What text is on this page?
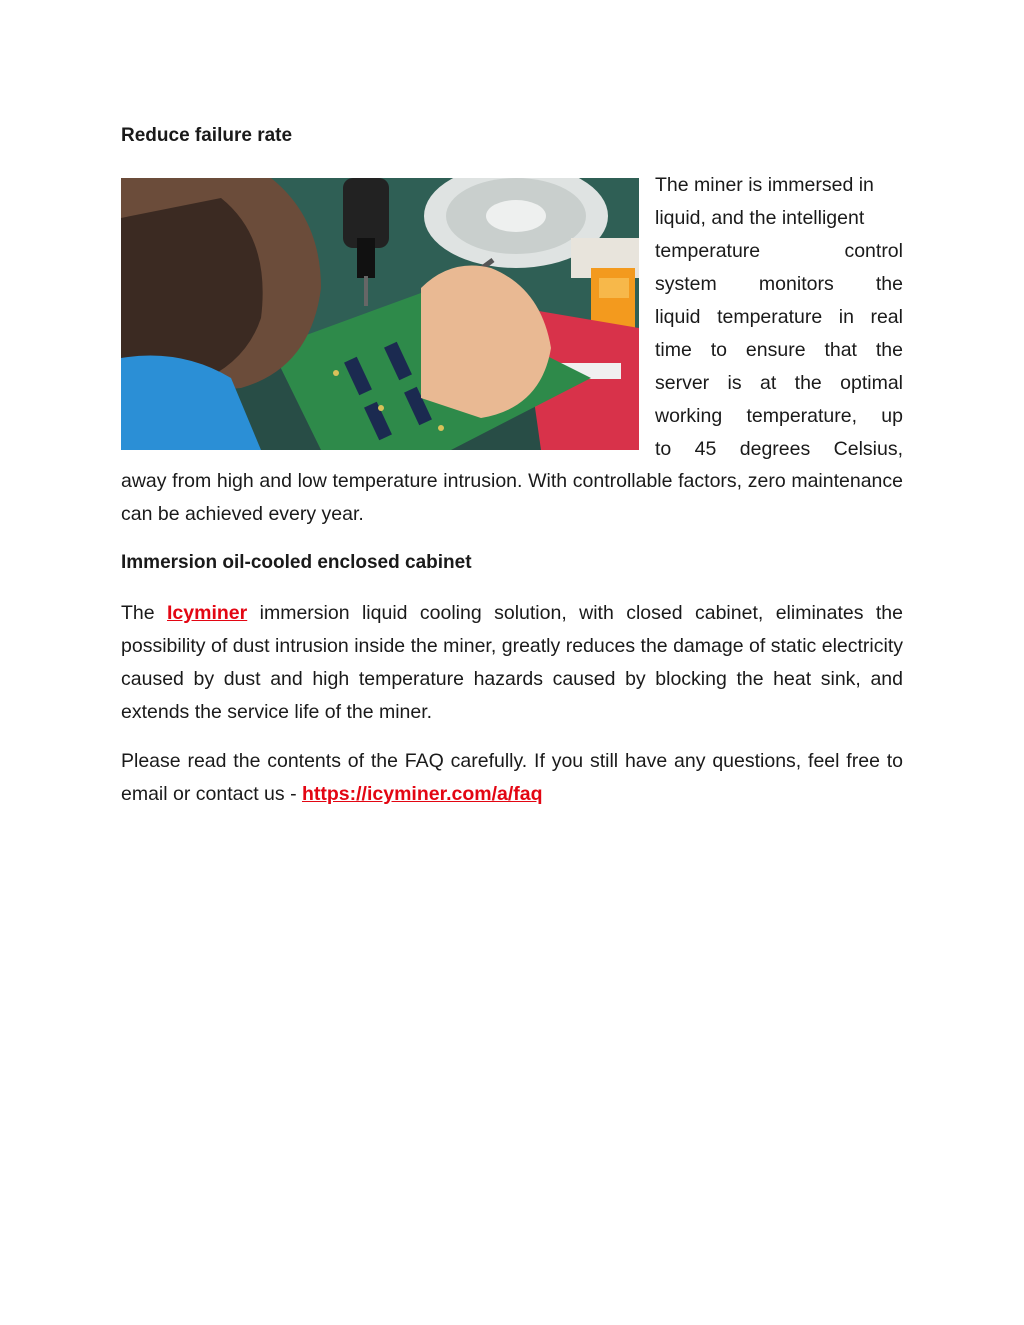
Reduce failure rate
The miner is immersed in
liquid, and the intelligent
temperature control
system monitors the
liquid temperature in real
time to ensure that the
server is at the optimal
working temperature, up
to 45 degrees Celsius,
away from high and low temperature intrusion. With controllable factors, zero maintenance can be achieved every year.
Immersion oil-cooled enclosed cabinet
The Icyminer immersion liquid cooling solution, with closed cabinet, eliminates the possibility of dust intrusion inside the miner, greatly reduces the damage of static electricity caused by dust and high temperature hazards caused by blocking the heat sink, and extends the service life of the miner.
Please read the contents of the FAQ carefully. If you still have any questions, feel free to email or contact us - https://icyminer.com/a/faq
